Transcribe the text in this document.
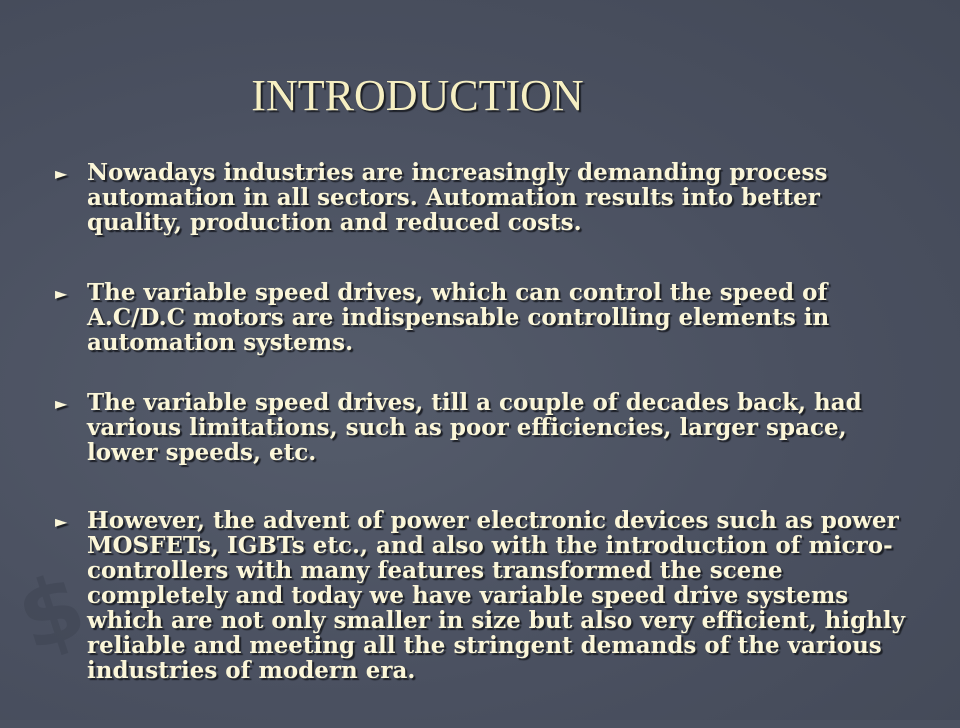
$
INTRODUCTION
► Nowadays industries are increasingly demanding process automation in all sectors. Automation results into better quality, production and reduced costs.
► The variable speed drives, which can control the speed of A.C/D.C motors are indispensable controlling elements in automation systems.
► The variable speed drives, till a couple of decades back, had various limitations, such as poor efficiencies, larger space, lower speeds, etc.
► However, the advent of power electronic devices such as power MOSFETs, IGBTs etc., and also with the introduction of micro-controllers with many features transformed the scene completely and today we have variable speed drive systems which are not only smaller in size but also very efficient, highly reliable and meeting all the stringent demands of the various industries of modern era.
